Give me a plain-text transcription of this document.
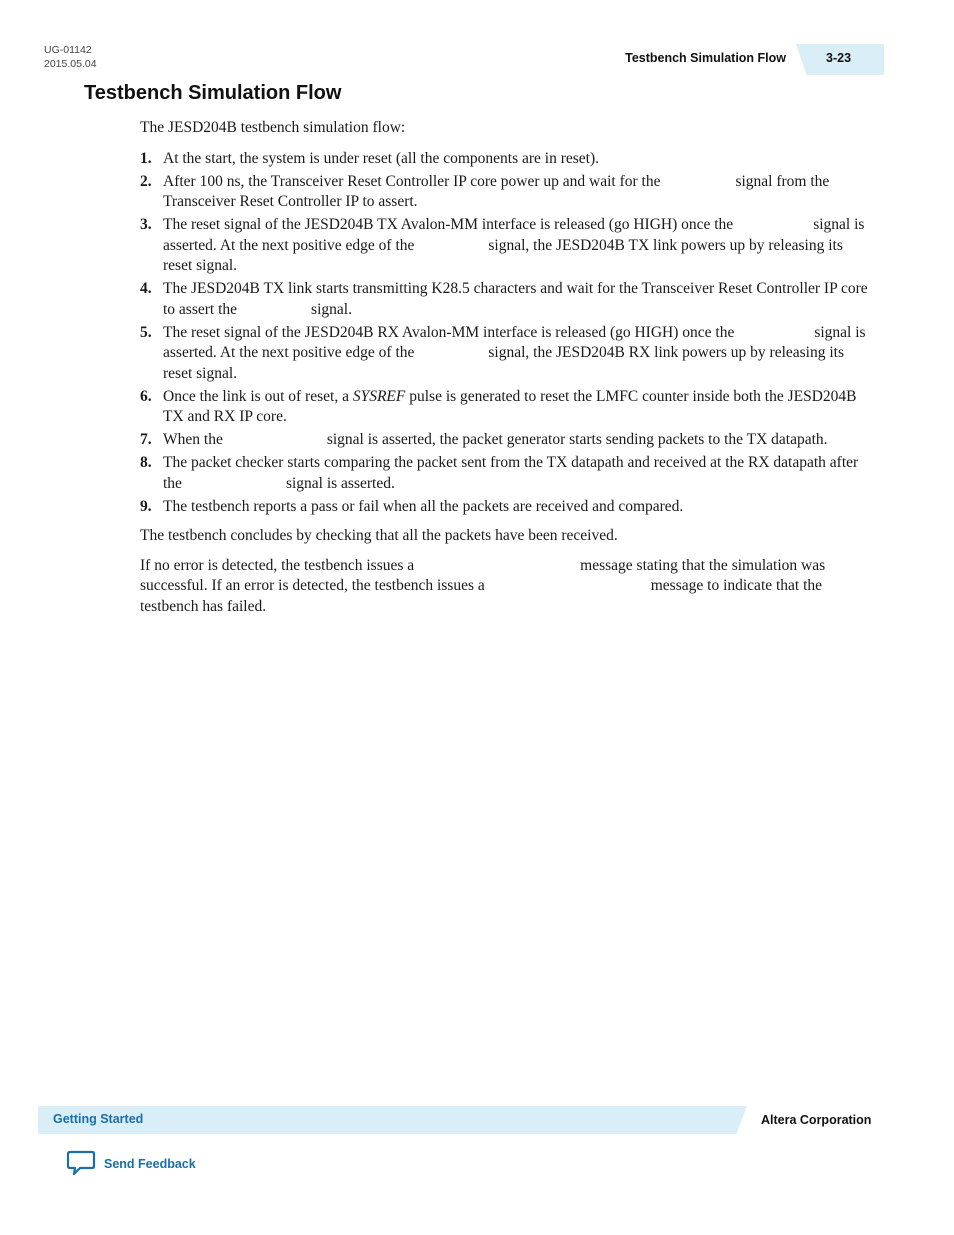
UG-01142
2015.05.04	Testbench Simulation Flow	3-23
Testbench Simulation Flow

The JESD204B testbench simulation flow:

1. At the start, the system is under reset (all the components are in reset).
2. After 100 ns, the Transceiver Reset Controller IP core power up and wait for the	signal from the Transceiver Reset Controller IP to assert.
3. The reset signal of the JESD204B TX Avalon-MM interface is released (go HIGH) once the	signal is asserted. At the next positive edge of the	signal, the JESD204B TX link powers up by releasing its reset signal.
4. The JESD204B TX link starts transmitting K28.5 characters and wait for the Transceiver Reset Controller IP core to assert the	signal.
5. The reset signal of the JESD204B RX Avalon-MM interface is released (go HIGH) once the	signal is asserted. At the next positive edge of the	signal, the JESD204B RX link powers up by releasing its reset signal.
6. Once the link is out of reset, a SYSREF pulse is generated to reset the LMFC counter inside both the JESD204B TX and RX IP core.
7. When the	signal is asserted, the packet generator starts sending packets to the TX datapath.
8. The packet checker starts comparing the packet sent from the TX datapath and received at the RX datapath after the	signal is asserted.
9. The testbench reports a pass or fail when all the packets are received and compared.

The testbench concludes by checking that all the packets have been received.

If no error is detected, the testbench issues a	message stating that the simulation was successful. If an error is detected, the testbench issues a	message to indicate that the testbench has failed.

Getting Started	Altera Corporation
Send Feedback
